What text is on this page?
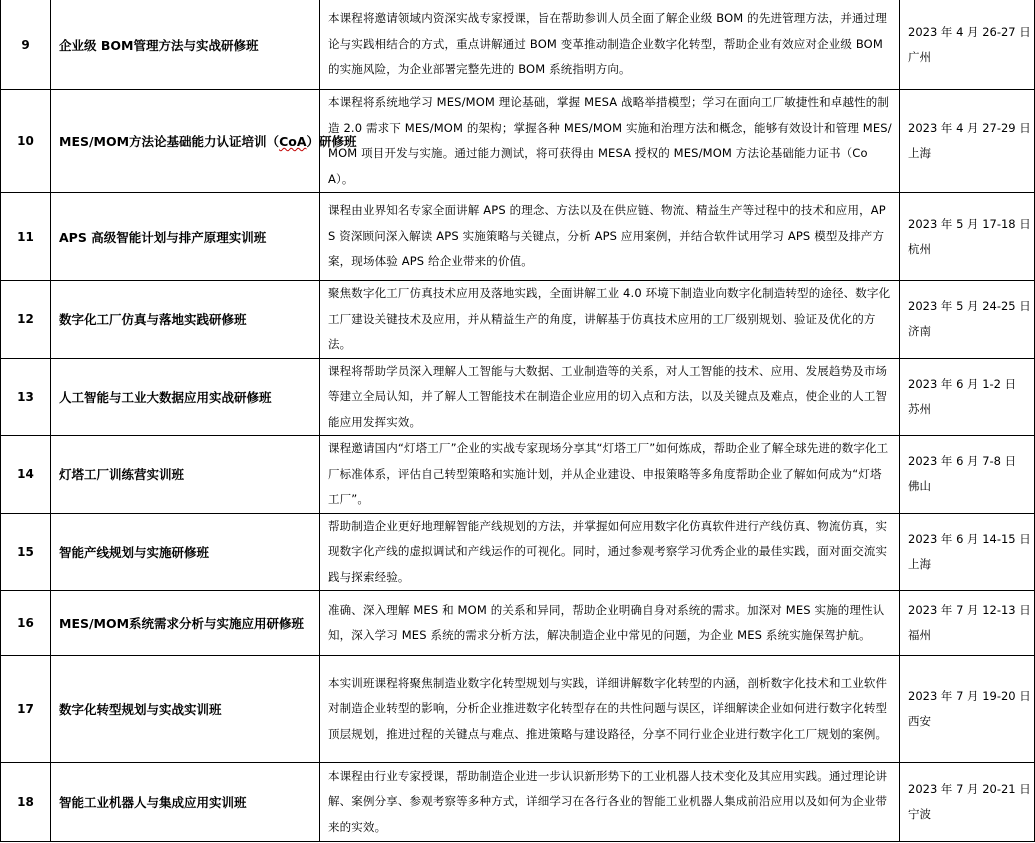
9	企业级 BOM管理方法与实战研修班	本课程将邀请领域内资深实战专家授课，旨在帮助参训人员全面了解企业级 BOM 的先进管理方法，并通过理论与实践相结合的方式，重点讲解通过 BOM 变革推动制造企业数字化转型，帮助企业有效应对企业级 BOM 的实施风险，为企业部署完整先进的 BOM 系统指明方向。	2023 年 4 月 26-27 日
广州

10	MES/MOM方法论基础能力认证培训（CoA）研修班	本课程将系统地学习 MES/MOM 理论基础，掌握 MESA 战略举措模型；学习在面向工厂敏捷性和卓越性的制造 2.0 需求下 MES/MOM 的架构；掌握各种 MES/MOM 实施和治理方法和概念，能够有效设计和管理 MES/MOM 项目开发与实施。通过能力测试，将可获得由 MESA 授权的 MES/MOM 方法论基础能力证书（CoA）。	2023 年 4 月 27-29 日
上海

11	APS 高级智能计划与排产原理实训班	课程由业界知名专家全面讲解 APS 的理念、方法以及在供应链、物流、精益生产等过程中的技术和应用，APS 资深顾问深入解读 APS 实施策略与关键点，分析 APS 应用案例，并结合软件试用学习 APS 模型及排产方案，现场体验 APS 给企业带来的价值。	2023 年 5 月 17-18 日
杭州

12	数字化工厂仿真与落地实践研修班	聚焦数字化工厂仿真技术应用及落地实践，全面讲解工业 4.0 环境下制造业向数字化制造转型的途径、数字化工厂建设关键技术及应用，并从精益生产的角度，讲解基于仿真技术应用的工厂级别规划、验证及优化的方法。	2023 年 5 月 24-25 日
济南

13	人工智能与工业大数据应用实战研修班	课程将帮助学员深入理解人工智能与大数据、工业制造等的关系，对人工智能的技术、应用、发展趋势及市场等建立全局认知，并了解人工智能技术在制造企业应用的切入点和方法，以及关键点及难点，使企业的人工智能应用发挥实效。	2023 年 6 月 1-2 日
苏州

14	灯塔工厂训练营实训班	课程邀请国内“灯塔工厂”企业的实战专家现场分享其“灯塔工厂”如何炼成，帮助企业了解全球先进的数字化工厂标准体系，评估自己转型策略和实施计划，并从企业建设、申报策略等多角度帮助企业了解如何成为“灯塔工厂”。	2023 年 6 月 7-8 日
佛山

15	智能产线规划与实施研修班	帮助制造企业更好地理解智能产线规划的方法，并掌握如何应用数字化仿真软件进行产线仿真、物流仿真，实现数字化产线的虚拟调试和产线运作的可视化。同时，通过参观考察学习优秀企业的最佳实践，面对面交流实践与探索经验。	2023 年 6 月 14-15 日
上海

16	MES/MOM系统需求分析与实施应用研修班	准确、深入理解 MES 和 MOM 的关系和异同，帮助企业明确自身对系统的需求。加深对 MES 实施的理性认知，深入学习 MES 系统的需求分析方法，解决制造企业中常见的问题，为企业 MES 系统实施保驾护航。	2023 年 7 月 12-13 日
福州

17	数字化转型规划与实战实训班	本实训班课程将聚焦制造业数字化转型规划与实践，详细讲解数字化转型的内涵，剖析数字化技术和工业软件对制造企业转型的影响，分析企业推进数字化转型存在的共性问题与误区，详细解读企业如何进行数字化转型顶层规划，推进过程的关键点与难点、推进策略与建设路径，分享不同行业企业进行数字化工厂规划的案例。	2023 年 7 月 19-20 日
西安

18	智能工业机器人与集成应用实训班	本课程由行业专家授课，帮助制造企业进一步认识新形势下的工业机器人技术变化及其应用实践。通过理论讲解、案例分享、参观考察等多种方式，详细学习在各行各业的智能工业机器人集成前沿应用以及如何为企业带来的实效。	2023 年 7 月 20-21 日
宁波
